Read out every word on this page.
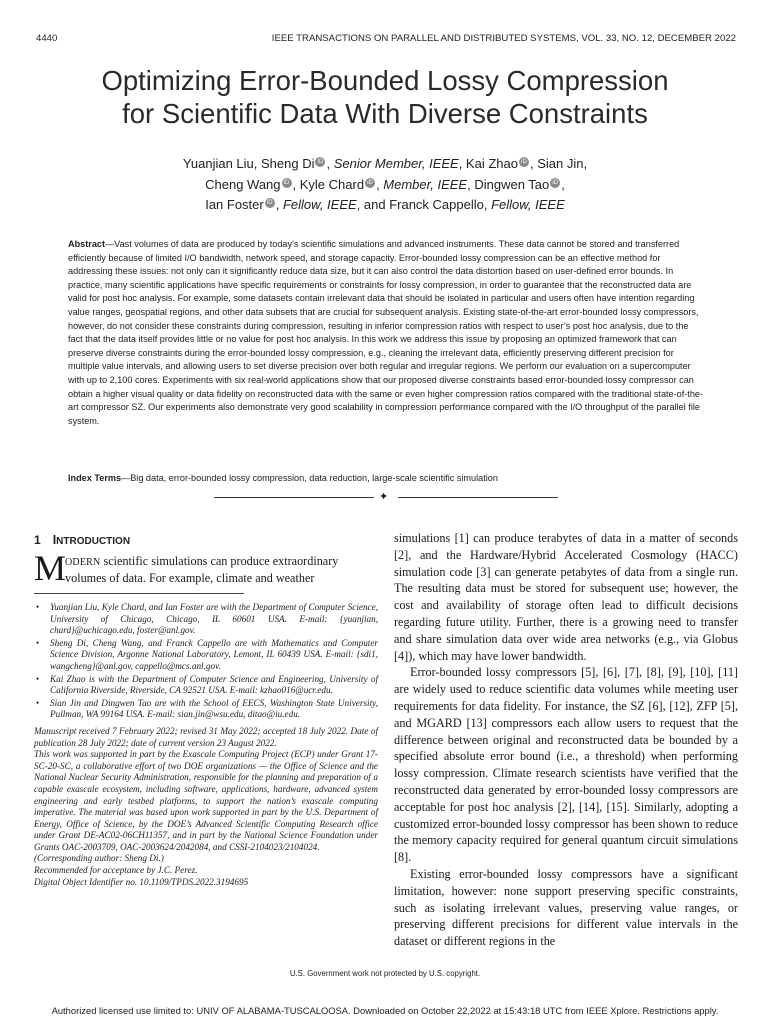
4440	IEEE TRANSACTIONS ON PARALLEL AND DISTRIBUTED SYSTEMS, VOL. 33, NO. 12, DECEMBER 2022
Optimizing Error-Bounded Lossy Compression
for Scientific Data With Diverse Constraints
Yuanjian Liu, Sheng Di iD , Senior Member, IEEE, Kai Zhao iD , Sian Jin,
Cheng Wang iD , Kyle Chard iD , Member, IEEE, Dingwen Tao iD ,
Ian Foster iD , Fellow, IEEE, and Franck Cappello, Fellow, IEEE

Abstract—Vast volumes of data are produced by today’s scientific simulations and advanced instruments. These data cannot be stored and transferred efficiently because of limited I/O bandwidth, network speed, and storage capacity. Error-bounded lossy compression can be an effective method for addressing these issues: not only can it significantly reduce data size, but it can also control the data distortion based on user-defined error bounds. In practice, many scientific applications have specific requirements or constraints for lossy compression, in order to guarantee that the reconstructed data are valid for post hoc analysis. For example, some datasets contain irrelevant data that should be isolated in particular and users often have intention regarding value ranges, geospatial regions, and other data subsets that are crucial for subsequent analysis. Existing state-of-the-art error-bounded lossy compressors, however, do not consider these constraints during compression, resulting in inferior compression ratios with respect to user’s post hoc analysis, due to the fact that the data itself provides little or no value for post hoc analysis. In this work we address this issue by proposing an optimized framework that can preserve diverse constraints during the error-bounded lossy compression, e.g., cleaning the irrelevant data, efficiently preserving different precision for multiple value intervals, and allowing users to set diverse precision over both regular and irregular regions. We perform our evaluation on a supercomputer with up to 2,100 cores. Experiments with six real-world applications show that our proposed diverse constraints based error-bounded lossy compressor can obtain a higher visual quality or data fidelity on reconstructed data with the same or even higher compression ratios compared with the traditional state-of-the-art compressor SZ. Our experiments also demonstrate very good scalability in compression performance compared with the I/O throughput of the parallel file system.

Index Terms—Big data, error-bounded lossy compression, data reduction, large-scale scientific simulation

✦
1 INTRODUCTION
M
ODERN scientific simulations can produce extraordinary
volumes of data. For example, climate and weather
• Yuanjian Liu, Kyle Chard, and Ian Foster are with the Department of Computer Science, University of Chicago, Chicago, IL 60601 USA. E-mail: {yuanjian, chard}@uchicago.edu, foster@anl.gov.
• Sheng Di, Cheng Wang, and Franck Cappello are with Mathematics and Computer Science Division, Argonne National Laboratory, Lemont, IL 60439 USA. E-mail: {sdi1, wangcheng}@anl.gov, cappello@mcs.anl.gov.
• Kai Zhao is with the Department of Computer Science and Engineering, University of California Riverside, Riverside, CA 92521 USA. E-mail: kzhao016@ucr.edu.
• Sian Jin and Dingwen Tao are with the School of EECS, Washington State University, Pullman, WA 99164 USA. E-mail: sian.jin@wsu.edu, ditao@iu.edu.

Manuscript received 7 February 2022; revised 31 May 2022; accepted 18 July 2022. Date of publication 28 July 2022; date of current version 23 August 2022.

This work was supported in part by the Exascale Computing Project (ECP) under Grant 17-SC-20-SC, a collaborative effort of two DOE organizations — the Office of Science and the National Nuclear Security Administration, responsible for the planning and preparation of a capable exascale ecosystem, including software, applications, hardware, advanced system engineering and early testbed platforms, to support the nation’s exascale computing imperative. The material was based upon work supported in part by the U.S. Department of Energy, Office of Science, by the DOE’s Advanced Scientific Computing Research office under Grant DE-AC02-06CH11357, and in part by the National Science Foundation under Grants OAC-2003709, OAC-2003624/2042084, and CSSI-2104023/2104024.

(Corresponding author: Sheng Di.)

Recommended for acceptance by J.C. Perez.

Digital Object Identifier no. 10.1109/TPDS.2022.3194695

simulations [1] can produce terabytes of data in a matter of seconds [2], and the Hardware/Hybrid Accelerated Cosmology (HACC) simulation code [3] can generate petabytes of data from a single run. The resulting data must be stored for subsequent use; however, the cost and availability of storage often lead to difficult decisions regarding future utility. Further, there is a growing need to transfer and share simulation data over wide area networks (e.g., via Globus [4]), which may have lower bandwidth.

Error-bounded lossy compressors [5], [6], [7], [8], [9], [10], [11] are widely used to reduce scientific data volumes while meeting user requirements for data fidelity. For instance, the SZ [6], [12], ZFP [5], and MGARD [13] compressors each allow users to request that the difference between original and reconstructed data be bounded by a specified absolute error bound (i.e., a threshold) when performing lossy compression. Climate research scientists have verified that the reconstructed data generated by error-bounded lossy compressors are acceptable for post hoc analysis [2], [14], [15]. Similarly, adopting a customized error-bounded lossy compressor has been shown to reduce the memory capacity required for general quantum circuit simulations [8].

Existing error-bounded lossy compressors have a significant limitation, however: none support preserving specific constraints, such as isolating irrelevant values, preserving value ranges, or preserving different precisions for different value intervals in the dataset or different regions in the

U.S. Government work not protected by U.S. copyright.
Authorized licensed use limited to: UNIV OF ALABAMA-TUSCALOOSA. Downloaded on October 22,2022 at 15:43:18 UTC from IEEE Xplore. Restrictions apply.
